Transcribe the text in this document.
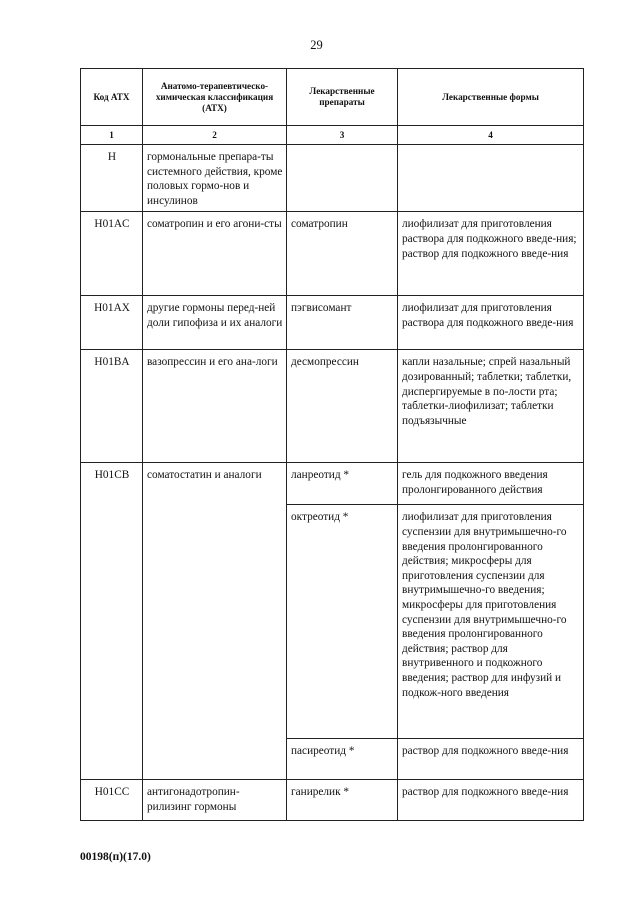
29
Код АТХ	Анатомо-терапевтическо-химическая классификация (АТХ)	Лекарственные препараты	Лекарственные формы
1	2	3	4
H	гормональные препара-ты системного действия, кроме половых гормо-нов и инсулинов		
H01AC	соматропин и его агони-сты	соматропин	лиофилизат для приготовления раствора для подкожного введе-ния; раствор для подкожного введе-ния
H01AX	другие гормоны перед-ней доли гипофиза и их аналоги	пэгвисомант	лиофилизат для приготовления раствора для подкожного введе-ния
H01BA	вазопрессин и его ана-логи	десмопрессин	капли назальные; спрей назальный дозированный; таблетки; таблетки, диспергируемые в по-лости рта; таблетки-лиофилизат; таблетки подъязычные
H01CB	соматостатин и аналоги	ланреотид *	гель для подкожного введения пролонгированного действия
		октреотид *	лиофилизат для приготовления суспензии для внутримышечно-го введения пролонгированного действия; микросферы для приготовления суспензии для внутримышечно-го введения; микросферы для приготовления суспензии для внутримышечно-го введения пролонгированного действия; раствор для внутривенного и подкожного введения; раствор для инфузий и подкож-ного введения
		пасиреотид *	раствор для подкожного введе-ния
H01CC	антигонадотропин-рилизинг гормоны	ганирелик *	раствор для подкожного введе-ния
00198(п)(17.0)
